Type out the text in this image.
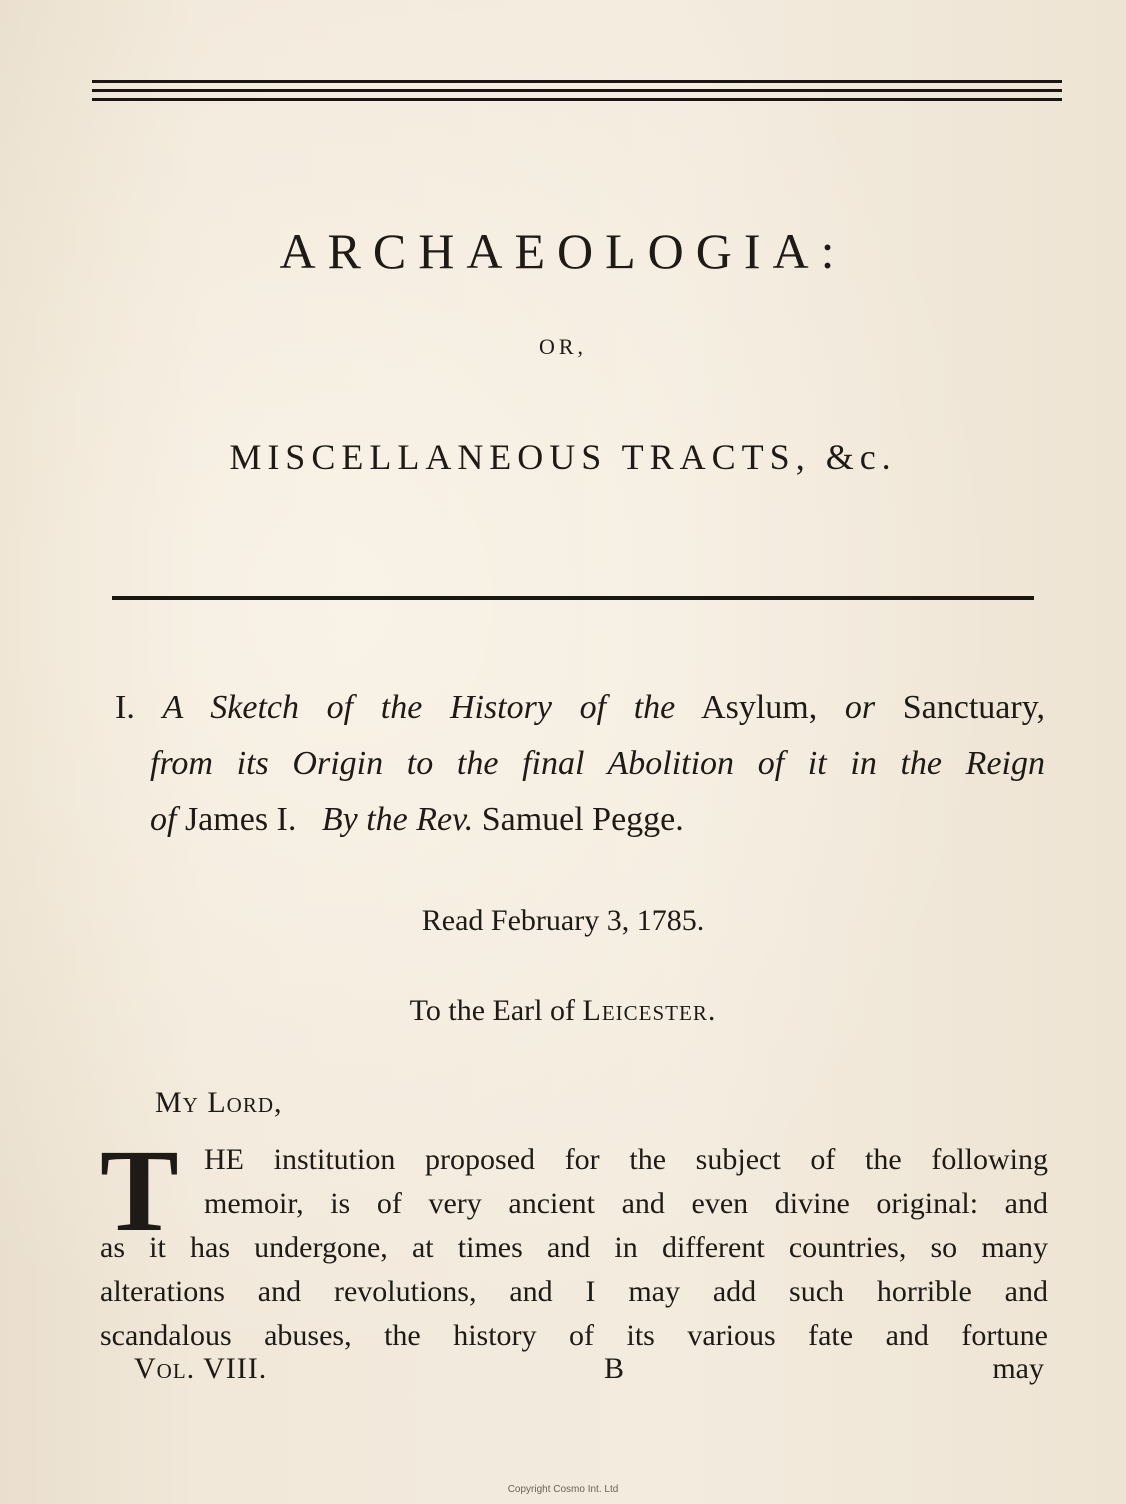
ARCHAEOLOGIA:
OR,
MISCELLANEOUS TRACTS, &c.
I. A Sketch of the History of the Asylum, or Sanctuary,
from its Origin to the final Abolition of it in the Reign
of James I. By the Rev. Samuel Pegge.
Read February 3, 1785.
To the Earl of Leicester.
My Lord,
T HE institution proposed for the subject of the following
memoir, is of very ancient and even divine original: and
as it has undergone, at times and in different countries, so many
alterations and revolutions, and I may add such horrible and
scandalous abuses, the history of its various fate and fortune
Vol. VIII.	B	may
Copyright Cosmo Int. Ltd
